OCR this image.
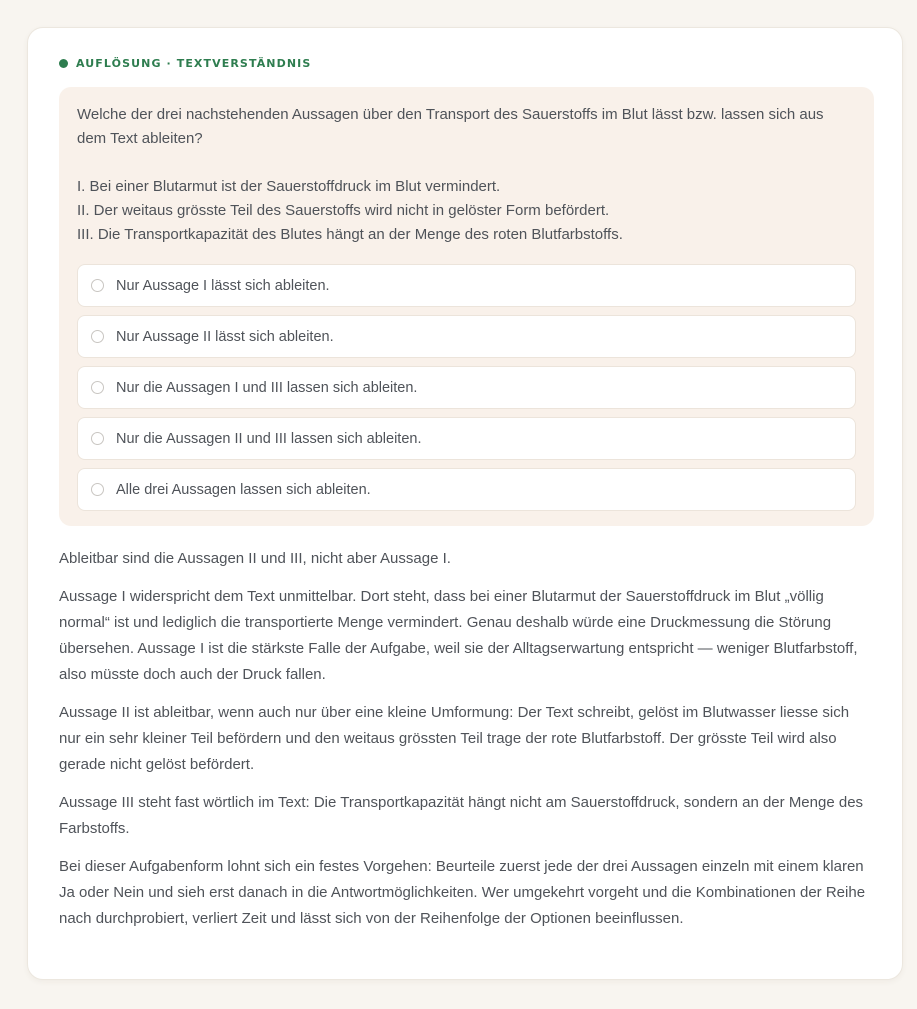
AUFLÖSUNG · TEXTVERSTÄNDNIS

Welche der drei nachstehenden Aussagen über den Transport des Sauerstoffs im Blut lässt bzw. lassen sich aus dem Text ableiten?

I. Bei einer Blutarmut ist der Sauerstoffdruck im Blut vermindert.
II. Der weitaus grösste Teil des Sauerstoffs wird nicht in gelöster Form befördert.
III. Die Transportkapazität des Blutes hängt an der Menge des roten Blutfarbstoffs.
Nur Aussage I lässt sich ableiten.
Nur Aussage II lässt sich ableiten.
Nur die Aussagen I und III lassen sich ableiten.
Nur die Aussagen II und III lassen sich ableiten.
Alle drei Aussagen lassen sich ableiten.

Ableitbar sind die Aussagen II und III, nicht aber Aussage I.

Aussage I widerspricht dem Text unmittelbar. Dort steht, dass bei einer Blutarmut der Sauerstoffdruck im Blut „völlig normal“ ist und lediglich die transportierte Menge vermindert. Genau deshalb würde eine Druckmessung die Störung übersehen. Aussage I ist die stärkste Falle der Aufgabe, weil sie der Alltagserwartung entspricht — weniger Blutfarbstoff, also müsste doch auch der Druck fallen.

Aussage II ist ableitbar, wenn auch nur über eine kleine Umformung: Der Text schreibt, gelöst im Blutwasser liesse sich nur ein sehr kleiner Teil befördern und den weitaus grössten Teil trage der rote Blutfarbstoff. Der grösste Teil wird also gerade nicht gelöst befördert.

Aussage III steht fast wörtlich im Text: Die Transportkapazität hängt nicht am Sauerstoffdruck, sondern an der Menge des Farbstoffs.

Bei dieser Aufgabenform lohnt sich ein festes Vorgehen: Beurteile zuerst jede der drei Aussagen einzeln mit einem klaren Ja oder Nein und sieh erst danach in die Antwortmöglichkeiten. Wer umgekehrt vorgeht und die Kombinationen der Reihe nach durchprobiert, verliert Zeit und lässt sich von der Reihenfolge der Optionen beeinflussen.
